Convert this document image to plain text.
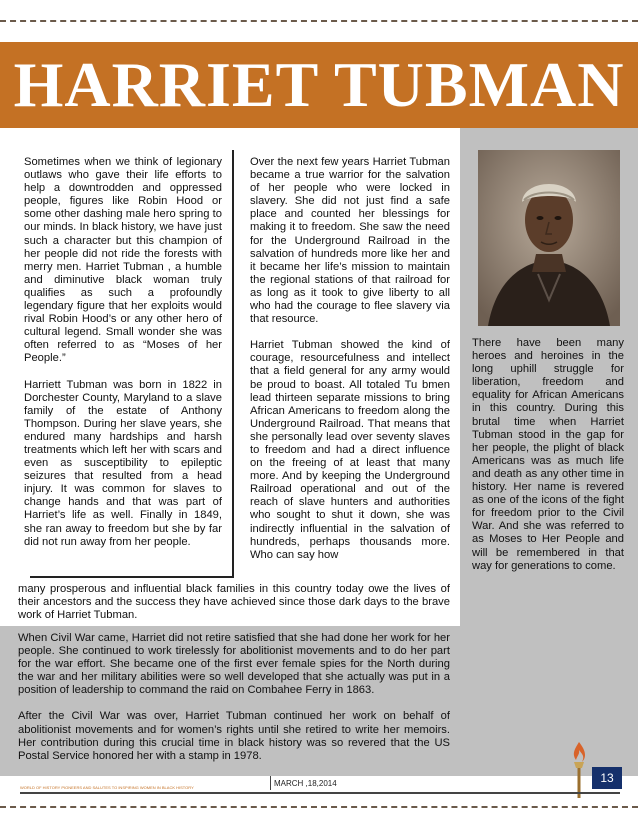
HARRIET TUBMAN

Sometimes when we think of legionary outlaws who gave their life efforts to help a downtrodden and oppressed people, figures like Robin Hood or some other dashing male hero spring to our minds. In black history, we have just such a character but this champion of her people did not ride the forests with merry men. Harriet Tubman , a humble and diminutive black woman truly qualifies as such a profoundly legendary figure that her exploits would rival Robin Hood’s or any other hero of cultural legend. Small wonder she was often referred to as “Moses of her People.”

Harriett Tubman was born in 1822 in Dorchester County, Maryland to a slave family of the estate of Anthony Thompson. During her slave years, she endured many hardships and harsh treatments which left her with scars and even as susceptibility to epileptic seizures that resulted from a head injury. It was common for slaves to change hands and that was part of Harriet’s life as well. Finally in 1849, she ran away to freedom but she by far did not run away from her people.

Over the next few years Harriet Tubman became a true warrior for the salvation of her people who were locked in slavery. She did not just find a safe place and counted her blessings for making it to freedom. She saw the need for the Underground Railroad in the salvation of hundreds more like her and it became her life’s mission to maintain the regional stations of that railroad for as long as it took to give liberty to all who had the courage to flee slavery via that resource.

Harriet Tubman showed the kind of courage, resourcefulness and intellect that a field general for any army would be proud to boast. All totaled Tu bmen lead thirteen separate missions to bring African Americans to freedom along the Underground Railroad. That means that she personally lead over seventy slaves to freedom and had a direct influence on the freeing of at least that many more. And by keeping the Underground Railroad operational and out of the reach of slave hunters and authorities who sought to shut it down, she was indirectly influential in the salvation of hundreds, perhaps thousands more. Who can say how

many prosperous and influential black families in this country today owe the lives of their ancestors and the success they have achieved since those dark days to the brave work of Harriet Tubman.

There have been many heroes and heroines in the long uphill struggle for liberation, freedom and equality for African Americans in this country. During this brutal time when Harriet Tubman stood in the gap for her people, the plight of black Americans was as much life and death as any other time in history. Her name is revered as one of the icons of the fight for freedom prior to the Civil War. And she was referred to as Moses to Her People and will be remembered in that way for generations to come.

When Civil War came, Harriet did not retire satisfied that she had done her work for her people. She continued to work tirelessly for abolitionist movements and to do her part for the war effort. She became one of the first ever female spies for the North during the war and her military abilities were so well developed that she actually was put in a position of leadership to command the raid on Combahee Ferry in 1863.

After the Civil War was over, Harriet Tubman continued her work on behalf of abolitionist movements and for women’s rights until she retired to write her memoirs. Her contribution during this crucial time in black history was so revered that the US Postal Service honored her with a stamp in 1978.

13
WORLD OF HISTORY PIONEERS AND SALUTES TO INSPIRING WOMEN IN BLACK HISTORY	MARCH ,18,2014
